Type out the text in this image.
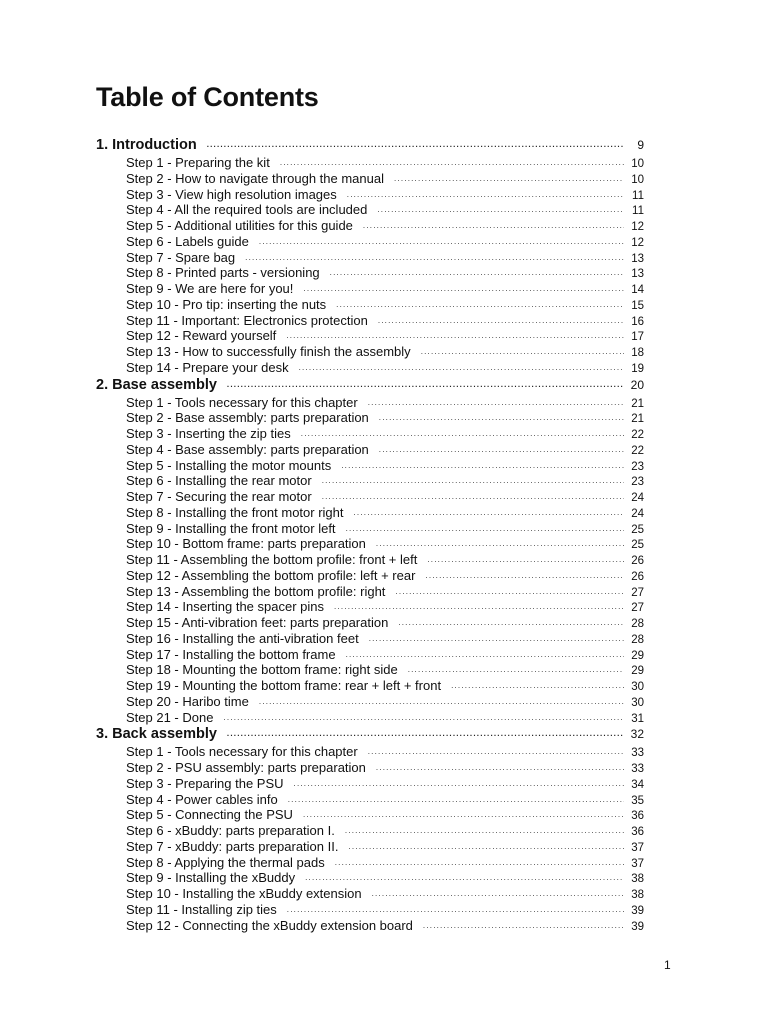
Table of Contents
1. Introduction .....	9
Step 1 - Preparing the kit .....	10
Step 2 - How to navigate through the manual .....	10
Step 3 - View high resolution images .....	11
Step 4 - All the required tools are included .....	11
Step 5 - Additional utilities for this guide .....	12
Step 6 - Labels guide .....	12
Step 7 - Spare bag .....	13
Step 8 - Printed parts - versioning .....	13
Step 9 - We are here for you! .....	14
Step 10 - Pro tip: inserting the nuts .....	15
Step 11 - Important: Electronics protection .....	16
Step 12 - Reward yourself .....	17
Step 13 - How to successfully finish the assembly .....	18
Step 14 - Prepare your desk .....	19
2. Base assembly .....	20
Step 1 - Tools necessary for this chapter .....	21
Step 2 - Base assembly: parts preparation .....	21
Step 3 - Inserting the zip ties .....	22
Step 4 - Base assembly: parts preparation .....	22
Step 5 - Installing the motor mounts .....	23
Step 6 - Installing the rear motor .....	23
Step 7 - Securing the rear motor .....	24
Step 8 - Installing the front motor right .....	24
Step 9 - Installing the front motor left .....	25
Step 10 - Bottom frame: parts preparation .....	25
Step 11 - Assembling the bottom profile: front + left .....	26
Step 12 - Assembling the bottom profile: left + rear .....	26
Step 13 - Assembling the bottom profile: right .....	27
Step 14 - Inserting the spacer pins .....	27
Step 15 - Anti-vibration feet: parts preparation .....	28
Step 16 - Installing the anti-vibration feet .....	28
Step 17 - Installing the bottom frame .....	29
Step 18 - Mounting the bottom frame: right side .....	29
Step 19 - Mounting the bottom frame: rear + left + front .....	30
Step 20 - Haribo time .....	30
Step 21 - Done .....	31
3. Back assembly .....	32
Step 1 - Tools necessary for this chapter .....	33
Step 2 - PSU assembly: parts preparation .....	33
Step 3 - Preparing the PSU .....	34
Step 4 - Power cables info .....	35
Step 5 - Connecting the PSU .....	36
Step 6 - xBuddy: parts preparation I. .....	36
Step 7 - xBuddy: parts preparation II. .....	37
Step 8 - Applying the thermal pads .....	37
Step 9 - Installing the xBuddy .....	38
Step 10 - Installing the xBuddy extension .....	38
Step 11 - Installing zip ties .....	39
Step 12 - Connecting the xBuddy extension board .....	39
1
